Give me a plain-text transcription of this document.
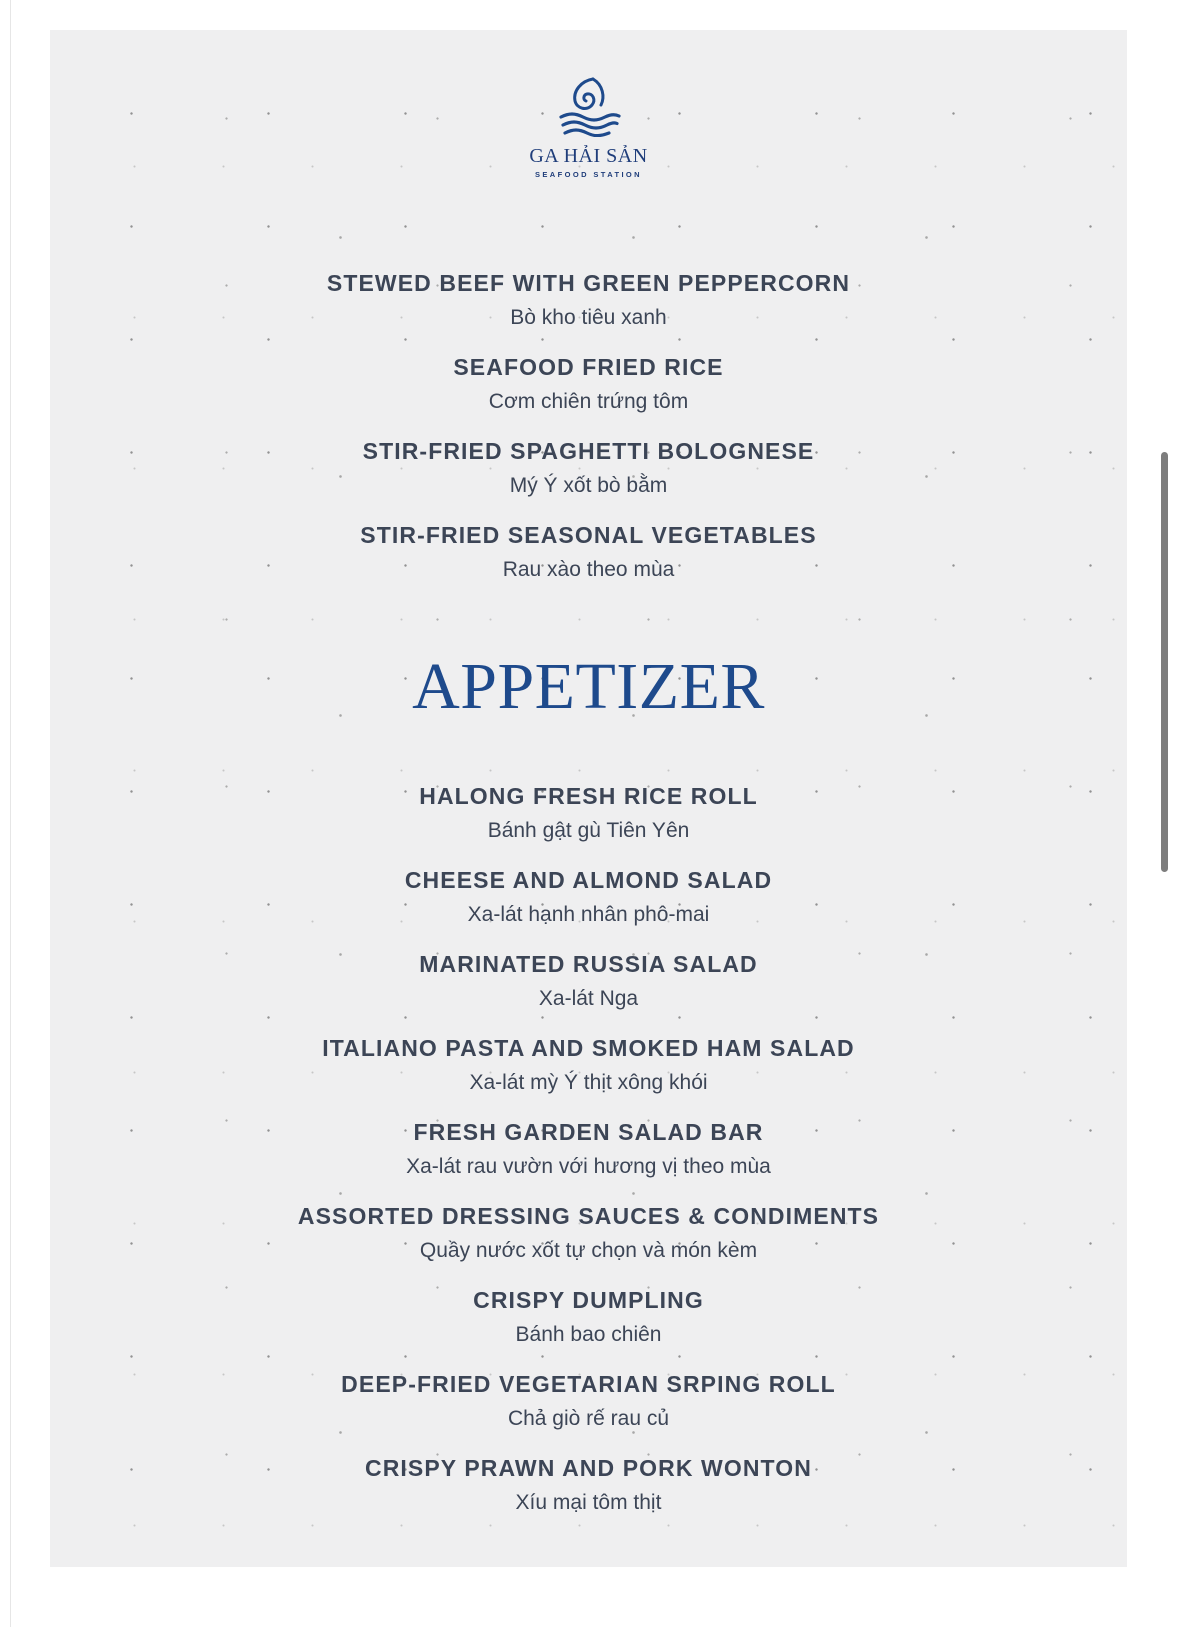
GA HẢI SẢN
SEAFOOD STATION
STEWED BEEF WITH GREEN PEPPERCORN
Bò kho tiêu xanh
SEAFOOD FRIED RICE
Cơm chiên trứng tôm
STIR-FRIED SPAGHETTI BOLOGNESE
Mý Ý xốt bò bằm
STIR-FRIED SEASONAL VEGETABLES
Rau xào theo mùa
APPETIZER
HALONG FRESH RICE ROLL
Bánh gật gù Tiên Yên
CHEESE AND ALMOND SALAD
Xa-lát hạnh nhân phô-mai
MARINATED RUSSIA SALAD
Xa-lát Nga
ITALIANO PASTA AND SMOKED HAM SALAD
Xa-lát mỳ Ý thịt xông khói
FRESH GARDEN SALAD BAR
Xa-lát rau vườn với hương vị theo mùa
ASSORTED DRESSING SAUCES & CONDIMENTS
Quầy nước xốt tự chọn và món kèm
CRISPY DUMPLING
Bánh bao chiên
DEEP-FRIED VEGETARIAN SRPING ROLL
Chả giò rế rau củ
CRISPY PRAWN AND PORK WONTON
Xíu mại tôm thịt
